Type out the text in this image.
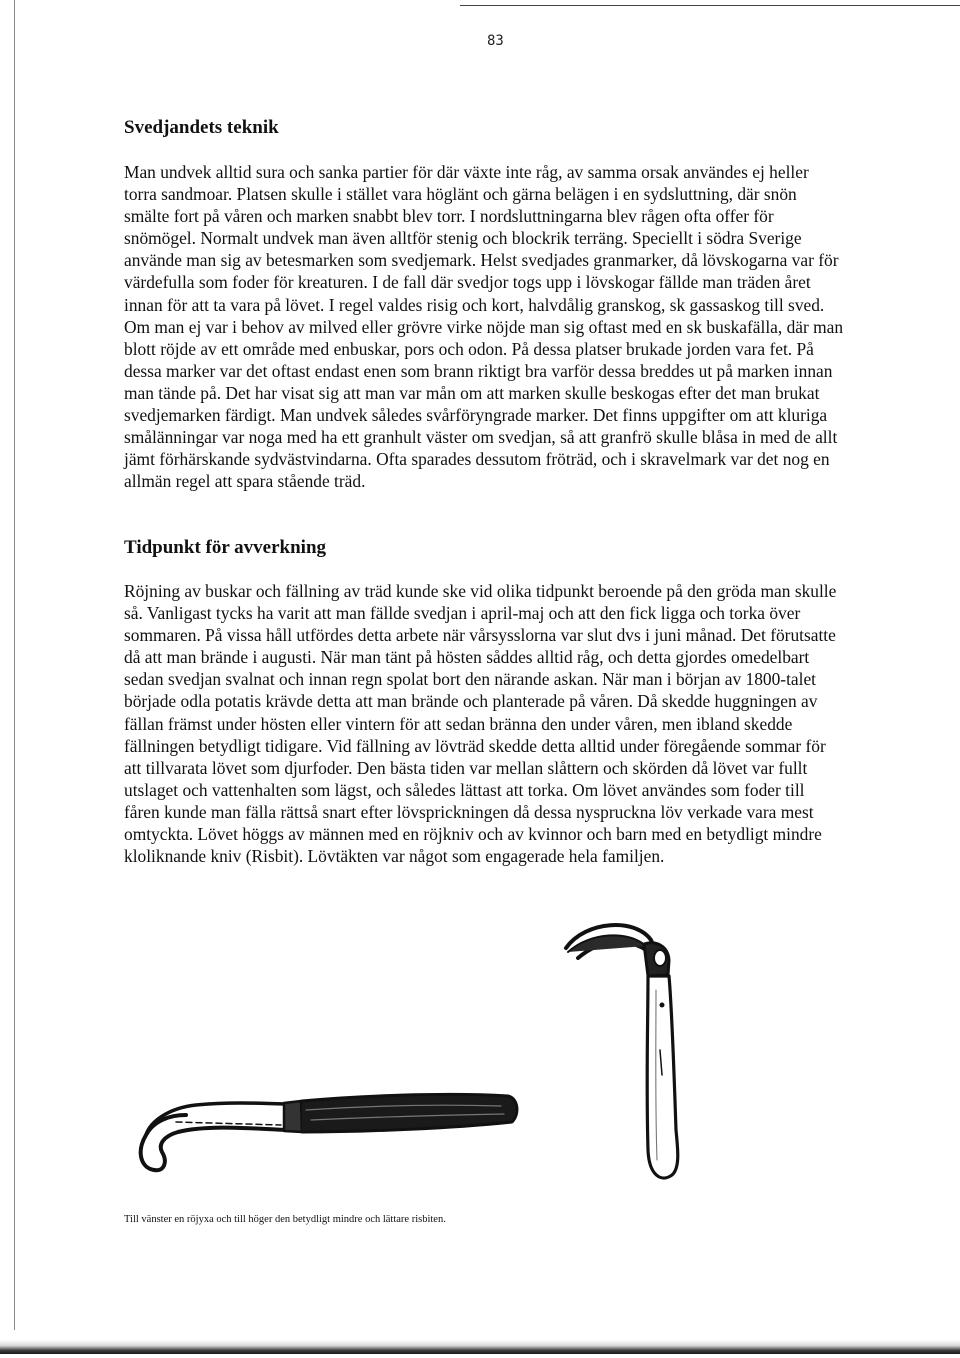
83
Svedjandets teknik

Man undvek alltid sura och sanka partier för där växte inte råg, av samma orsak användes ej heller torra sandmoar. Platsen skulle i stället vara höglänt och gärna belägen i en sydsluttning, där snön smälte fort på våren och marken snabbt blev torr. I nordsluttningarna blev rågen ofta offer för snömögel. Normalt undvek man även alltför stenig och blockrik terräng. Speciellt i södra Sverige använde man sig av betesmarken som svedjemark. Helst svedjades granmarker, då lövskogarna var för värdefulla som foder för kreaturen. I de fall där svedjor togs upp i lövskogar fällde man träden året innan för att ta vara på lövet. I regel valdes risig och kort, halvdålig granskog, sk gassaskog till sved. Om man ej var i behov av milved eller grövre virke nöjde man sig oftast med en sk buskafälla, där man blott röjde av ett område med enbuskar, pors och odon. På dessa platser brukade jorden vara fet. På dessa marker var det oftast endast enen som brann riktigt bra varför dessa breddes ut på marken innan man tände på. Det har visat sig att man var mån om att marken skulle beskogas efter det man brukat svedjemarken färdigt. Man undvek således svårföryngrade marker. Det finns uppgifter om att kluriga smålänningar var noga med ha ett granhult väster om svedjan, så att granfrö skulle blåsa in med de allt jämt förhärskande sydvästvindarna. Ofta sparades dessutom fröträd, och i skravelmark var det nog en allmän regel att spara stående träd.

Tidpunkt för avverkning

Röjning av buskar och fällning av träd kunde ske vid olika tidpunkt beroende på den gröda man skulle så. Vanligast tycks ha varit att man fällde svedjan i april-maj och att den fick ligga och torka över sommaren. På vissa håll utfördes detta arbete när vårsysslorna var slut dvs i juni månad. Det förutsatte då att man brände i augusti. När man tänt på hösten såddes alltid råg, och detta gjordes omedelbart sedan svedjan svalnat och innan regn spolat bort den närande askan. När man i början av 1800-talet började odla potatis krävde detta att man brände och planterade på våren. Då skedde huggningen av fällan främst under hösten eller vintern för att sedan bränna den under våren, men ibland skedde fällningen betydligt tidigare. Vid fällning av lövträd skedde detta alltid under föregående sommar för att tillvarata lövet som djurfoder. Den bästa tiden var mellan slåttern och skörden då lövet var fullt utslaget och vattenhalten som lägst, och således lättast att torka. Om lövet användes som foder till fåren kunde man fälla rättså snart efter lövsprickningen då dessa nysprucknа löv verkade vara mest omtyckta. Lövet höggs av männen med en röjkniv och av kvinnor och barn med en betydligt mindre kloliknande kniv (Risbit). Lövtäkten var något som engagerade hela familjen.

Till vänster en röjyxa och till höger den betydligt mindre och lättare risbiten.
